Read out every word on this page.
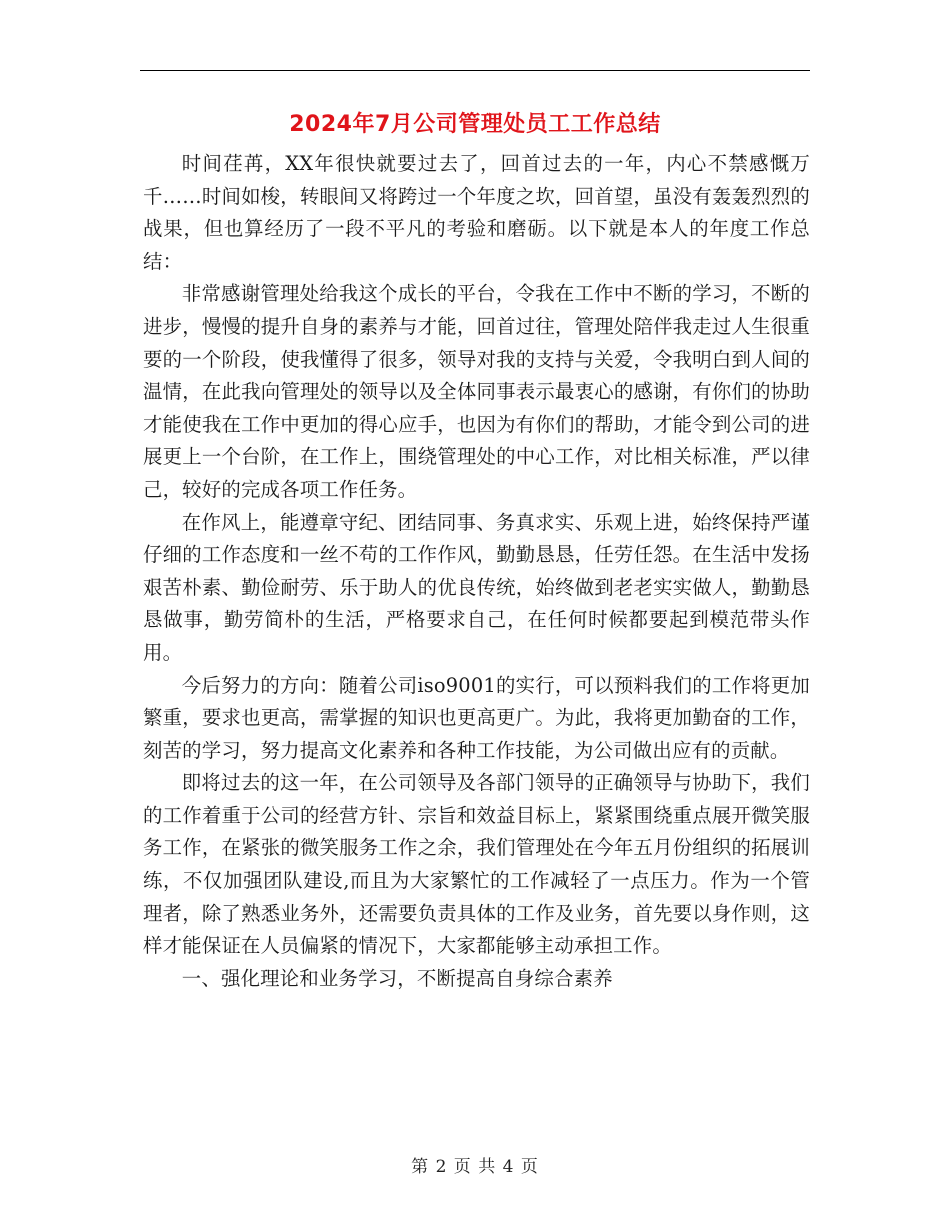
2024年7月公司管理处员工工作总结

时间荏苒，XX年很快就要过去了，回首过去的一年，内心不禁感慨万千……时间如梭，转眼间又将跨过一个年度之坎，回首望，虽没有轰轰烈烈的战果，但也算经历了一段不平凡的考验和磨砺。以下就是本人的年度工作总结：

非常感谢管理处给我这个成长的平台，令我在工作中不断的学习，不断的进步，慢慢的提升自身的素养与才能，回首过往，管理处陪伴我走过人生很重要的一个阶段，使我懂得了很多，领导对我的支持与关爱，令我明白到人间的温情，在此我向管理处的领导以及全体同事表示最衷心的感谢，有你们的协助才能使我在工作中更加的得心应手，也因为有你们的帮助，才能令到公司的进展更上一个台阶，在工作上，围绕管理处的中心工作，对比相关标准，严以律己，较好的完成各项工作任务。

在作风上，能遵章守纪、团结同事、务真求实、乐观上进，始终保持严谨仔细的工作态度和一丝不苟的工作作风，勤勤恳恳，任劳任怨。在生活中发扬艰苦朴素、勤俭耐劳、乐于助人的优良传统，始终做到老老实实做人，勤勤恳恳做事，勤劳简朴的生活，严格要求自己，在任何时候都要起到模范带头作用。

今后努力的方向：随着公司iso9001的实行，可以预料我们的工作将更加繁重，要求也更高，需掌握的知识也更高更广。为此，我将更加勤奋的工作，刻苦的学习，努力提高文化素养和各种工作技能，为公司做出应有的贡献。

即将过去的这一年，在公司领导及各部门领导的正确领导与协助下，我们的工作着重于公司的经营方针、宗旨和效益目标上，紧紧围绕重点展开微笑服务工作，在紧张的微笑服务工作之余，我们管理处在今年五月份组织的拓展训练，不仅加强团队建设,而且为大家繁忙的工作减轻了一点压力。作为一个管理者，除了熟悉业务外，还需要负责具体的工作及业务，首先要以身作则，这样才能保证在人员偏紧的情况下，大家都能够主动承担工作。

一、强化理论和业务学习，不断提高自身综合素养

第 2 页 共 4 页
